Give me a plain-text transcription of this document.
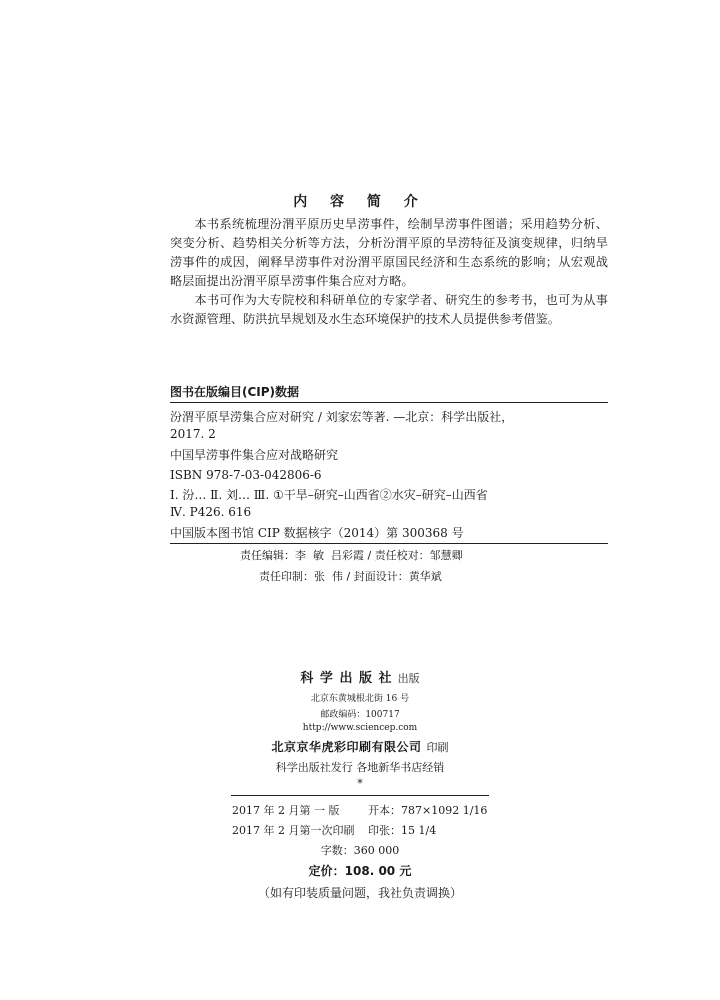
内 容 简 介

本书系统梳理汾渭平原历史旱涝事件，绘制旱涝事件图谱；采用趋势分析、突变分析、趋势相关分析等方法，分析汾渭平原的旱涝特征及演变规律，归纳旱涝事件的成因，阐释旱涝事件对汾渭平原国民经济和生态系统的影响；从宏观战略层面提出汾渭平原旱涝事件集合应对方略。

本书可作为大专院校和科研单位的专家学者、研究生的参考书，也可为从事水资源管理、防洪抗旱规划及水生态环境保护的技术人员提供参考借鉴。

图书在版编目(CIP)数据
汾渭平原旱涝集合应对研究 / 刘家宏等著. —北京：科学出版社，
2017. 2
中国旱涝事件集合应对战略研究
ISBN 978-7-03-042806-6
Ⅰ. 汾… Ⅱ. 刘… Ⅲ. ①干旱–研究–山西省②水灾–研究–山西省
Ⅳ. P426. 616
中国版本图书馆 CIP 数据核字（2014）第 300368 号
责任编辑：李  敏  吕彩霞 / 责任校对：邹慧卿
责任印制：张  伟 / 封面设计：黄华斌
科 学 出 版 社 出版
北京东黄城根北街 16 号
邮政编码：100717
http://www.sciencep.com
北京京华虎彩印刷有限公司 印刷
科学出版社发行 各地新华书店经销
*
2017 年 2 月第 一 版	开本：787×1092 1/16
2017 年 2 月第一次印刷	印张：15 1/4
字数：360 000
定价：108. 00 元
（如有印装质量问题，我社负责调换）
